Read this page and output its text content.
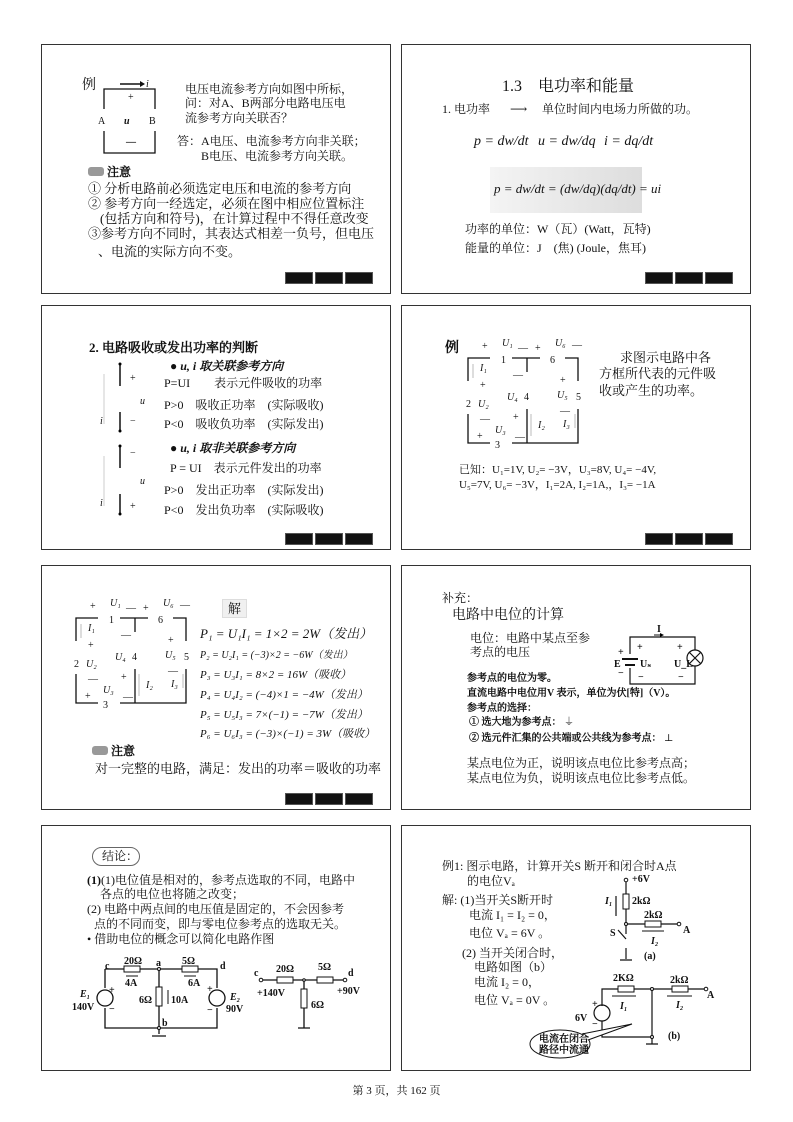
例	i
+
A u B
—
电压电流参考方向如图中所标，
问：对A、B两部分电路电压电
流参考方向关联否？
答：A电压、电流参考方向非关联；
B电压、电流参考方向关联。
注意
① 分析电路前必须选定电压和电流的参考方向
② 参考方向一经选定，必须在图中相应位置标注
(包括方向和符号)，在计算过程中不得任意改变
③参考方向不同时，其表达式相差一负号，但电压
、电流的实际方向不变。
1.3　电功率和能量
1. 电功率 ⟶ 单位时间内电场力所做的功。
p = dw/dt u = dw/dq i = dq/dt
p = dw/dt = (dw/dq)(dq/dt) = ui
功率的单位：W（瓦）(Watt，瓦特)
能量的单位：J　(焦) (Joule，焦耳)
2. 电路吸收或发出功率的判断
+
u
i	−
−
u
i	+
● u, i 取关联参考方向
P=UI　　表示元件吸收的功率
P>0　吸收正功率　(实际吸收)
P<0　吸收负功率　(实际发出)
● u, i 取非关联参考方向
P = UI　表示元件发出的功率
P>0　发出正功率　(实际发出)
P<0　发出负功率　(实际吸收)
例 + U₁ — + U₆ —
1	6
I₁
—
+	+
2 U₂
U₄ 4	U₅ 5
—
—
+
I₂ I₃
U₃
+	—
3
求图示电路中各
方框所代表的元件吸
收或产生的功率。
已知：U₁=1V, U₂= −3V，U₃=8V, U₄= −4V,
U₅=7V, U₆= −3V，I₁=2A, I₂=1A,，I₃= −1A
+ U₁ — + U₆ —
1	6
I₁
—
+	+
2 U₂
U₄ 4	U₅ 5
—
—
+
I₂ I₃
U₃
+	—
3
解
P₁ = U₁I₁ = 1×2 = 2W（发出）
P₂ = U₂I₁ = (−3)×2 = −6W（发出）
P₃ = U₃I₁ = 8×2 = 16W（吸收）
P₄ = U₄I₂ = (−4)×1 = −4W（发出）
P₅ = U₅I₃ = 7×(−1) = −7W（发出）
P₆ = U₆I₃ = (−3)×(−1) = 3W（吸收）
注意
对一完整的电路，满足：发出的功率＝吸收的功率
补充：
电路中电位的计算
电位：电路中某点至参
考点的电压
I
+ +	+
E Uₛ U_L
− −	−
参考点的电位为零。
直流电路中电位用V 表示，单位为伏[特]（V）。
参考点的选择：
① 选大地为参考点： ⏚
② 选元件汇集的公共端或公共线为参考点： ⊥
某点电位为正，说明该点电位比参考点高；
某点电位为负，说明该点电位比参考点低。
结论：
(1)(1)电位值是相对的，参考点选取的不同，电路中
各点的电位也将随之改变；
(2) 电路中两点间的电压值是固定的，不会因参考
点的不同而变，即与零电位参考点的选取无关。
• 借助电位的概念可以简化电路作图
c 20Ω a 5Ω d
4A	6A
E₁
140V
6Ω 10A	E₂
90V
b
+
−
+
−
c 20Ω 5Ω
d
+140V	+90V
6Ω
例1: 图示电路，计算开关S 断开和闭合时A点
的电位Vₐ
解: (1)当开关S断开时
电流 I₁ = I₂ = 0，
电位 Vₐ = 6V 。
(2) 当开关闭合时，
电路如图（b）
电流 I₂ = 0，
电位 Vₐ = 0V 。
+6V
I₁ 2kΩ
2kΩ
A
S
I₂
(a)
2KΩ	2kΩ
A
I₁	I₂
6V
+
−
(b)
电流在闭合
路径中流通
第 3 页，共 162 页
